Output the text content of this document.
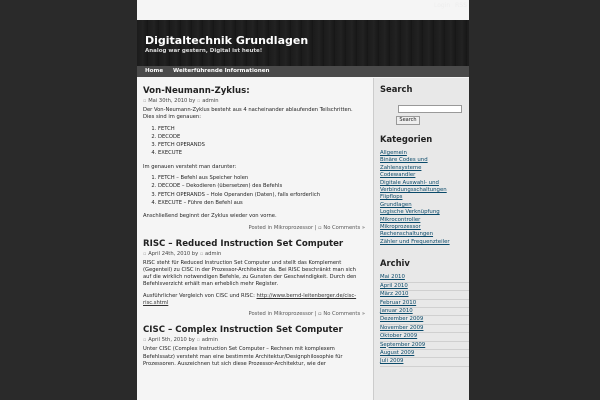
Digitaltechnik Grundlagen
Analog war gestern, Digital ist heute!
Login RSS
Home Weiterführende Informationen
Von-Neumann-Zyklus:
▫ Mai 30th, 2010 by ▫ admin

Der Von-Neumann-Zyklus besteht aus 4 nacheinander ablaufenden Teilschritten. Dies sind im genauen:

1. FETCH
2. DECODE
3. FETCH OPERANDS
4. EXECUTE

Im genauen versteht man darunter:

1. FETCH – Befehl aus Speicher holen
2. DECODE – Dekodieren (übersetzen) des Befehls
3. FETCH OPERANDS – Hole Operanden (Daten), falls erforderlich
4. EXECUTE – Führe den Befehl aus

Anschließend beginnt der Zyklus wieder von vorne.

Posted in Mikroprozessor | ▫ No Comments »
RISC – Reduced Instruction Set Computer
▫ April 24th, 2010 by ▫ admin

RISC steht für Reduced Instruction Set Computer und stellt das Komplement (Gegenteil) zu CISC in der Prozessor-Architektur da. Bei RISC beschränkt man sich auf die wirklich notwendigen Befehle, zu Gunsten der Geschwindigkeit. Durch den Befehlsverzicht erhält man erheblich mehr Register.

Ausführlicher Vergleich von CISC und RISC: http://www.bernd-leitenberger.de/cisc-risc.shtml

Posted in Mikroprozessor | ▫ No Comments »
CISC – Complex Instruction Set Computer
▫ April 5th, 2010 by ▫ admin

Unter CISC (Complex Instruction Set Computer – Rechnen mit komplexem Befehlssatz) versteht man eine bestimmte Architektur/Designphilosophie für Prozessoren. Auszeichnen tut sich diese Prozessor-Architektur, wie der

Search
Kategorien
Allgemein
Binäre Codes und Zahlensysteme
Codewandler
Digitale Auswahl- und Verbindungsschaltungen
Flipflops
Grundlagen
Logische Verknüpfung
Mikrocontroller
Mikroprozessor
Rechenschaltungen
Zähler und Frequenzteiler
Archiv
Mai 2010
April 2010
März 2010
Februar 2010
Januar 2010
Dezember 2009
November 2009
Oktober 2009
September 2009
August 2009
Juli 2009
Search
